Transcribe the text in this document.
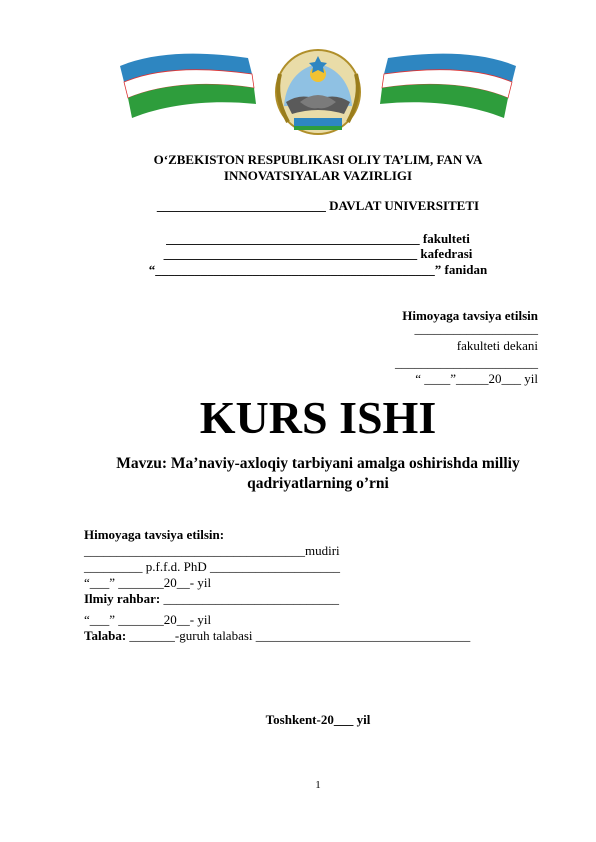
O‘ZBEKISTON RESPUBLIKASI OLIY TA’LIM, FAN VA
INNOVATSIYALAR VAZIRLIGI
__________________________ DAVLAT UNIVERSITETI
_______________________________________ fakulteti
_______________________________________ kafedrasi
“___________________________________________” fanidan
Himoyaga tavsiya etilsin
___________________
fakulteti dekani
______________________
“ ____”_____20___ yil
KURS ISHI
Mavzu: Ma’naviy-axloqiy tarbiyani amalga oshirishda milliy qadriyatlarning o’rni
Himoyaga tavsiya etilsin:
__________________________________mudiri
_________ p.f.f.d. PhD ____________________
“___” _______20__- yil
Ilmiy rahbar: ___________________________
“___” _______20__- yil
Talaba: _______-guruh talabasi _________________________________
Toshkent-20___ yil
1
